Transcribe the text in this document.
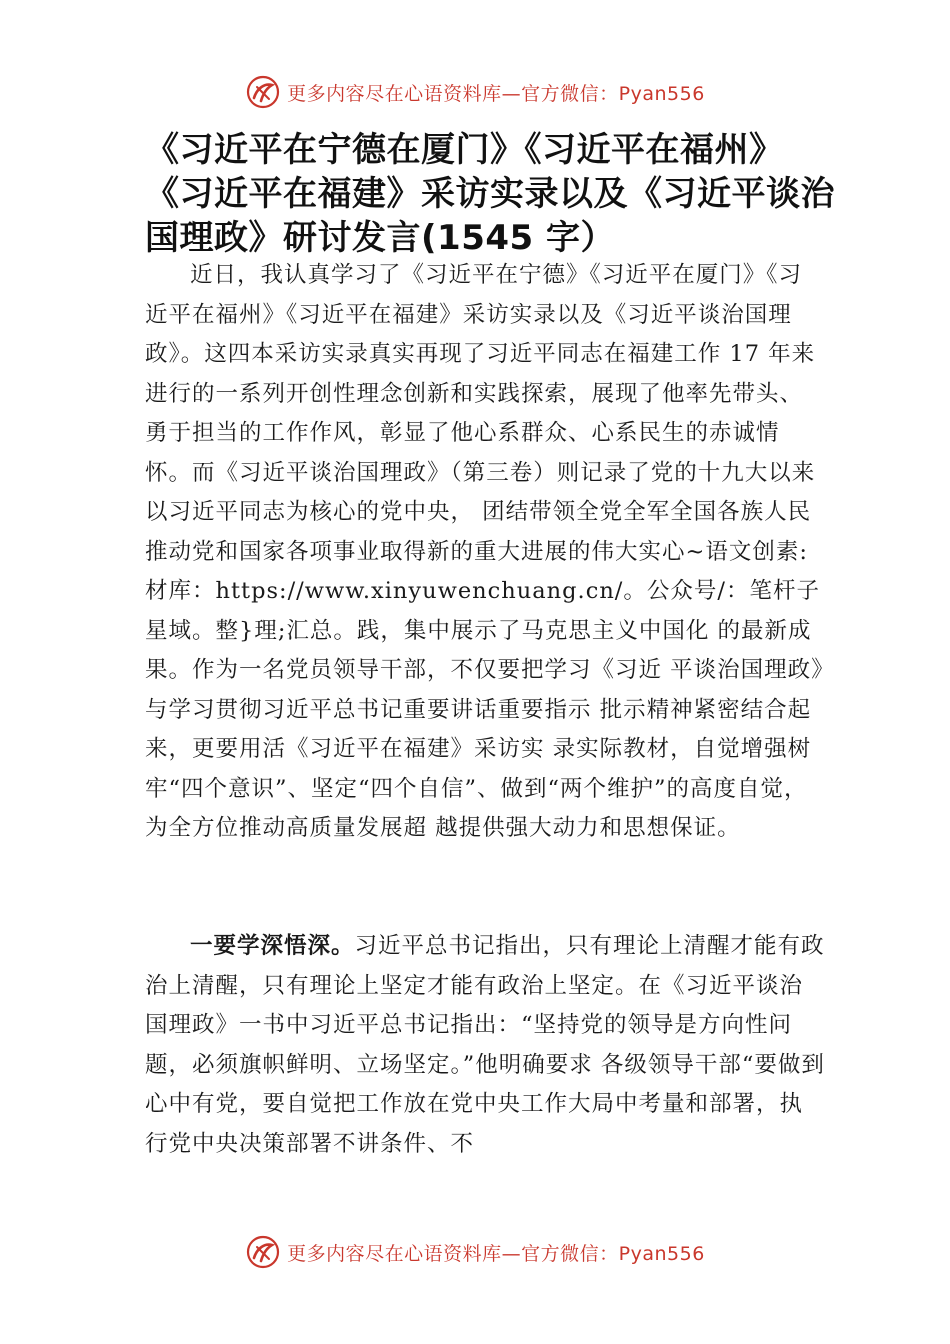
更多内容尽在心语资料库—官方微信：Pyan556
《习近平在宁德在厦门》《习近平在福州》《习近平在福建》采访实录以及《习近平谈治国理政》研讨发言(1545 字）

近日，我认真学习了《习近平在宁德》《习近平在厦门》《习近平在福州》《习近平在福建》采访实录以及《习近平谈治国理政》。这四本采访实录真实再现了习近平同志在福建工作 17 年来进行的一系列开创性理念创新和实践探索，展现了他率先带头、勇于担当的工作作风，彰显了他心系群众、心系民生的赤诚情怀。而《习近平谈治国理政》（第三卷）则记录了党的十九大以来以习近平同志为核心的党中央， 团结带领全党全军全国各族人民推动党和国家各项事业取得新的重大进展的伟大实心~语文创素:材库：https://www.xinyuwenchuang.cn/。公众号/：笔杆子星域。整}理;汇总。践，集中展示了马克思主义中国化 的最新成果。作为一名党员领导干部，不仅要把学习《习近 平谈治国理政》与学习贯彻习近平总书记重要讲话重要指示 批示精神紧密结合起来，更要用活《习近平在福建》采访实 录实际教材，自觉增强树牢“四个意识”、坚定“四个自信”、做到“两个维护”的高度自觉，为全方位推动高质量发展超 越提供强大动力和思想保证。

一要学深悟深。习近平总书记指出，只有理论上清醒才能有政治上清醒，只有理论上坚定才能有政治上坚定。在《习近平谈治国理政》一书中习近平总书记指出：“坚持党的领导是方向性问题，必须旗帜鲜明、立场坚定。”他明确要求 各级领导干部“要做到心中有党，要自觉把工作放在党中央工作大局中考量和部署，执行党中央决策部署不讲条件、不

更多内容尽在心语资料库—官方微信：Pyan556
